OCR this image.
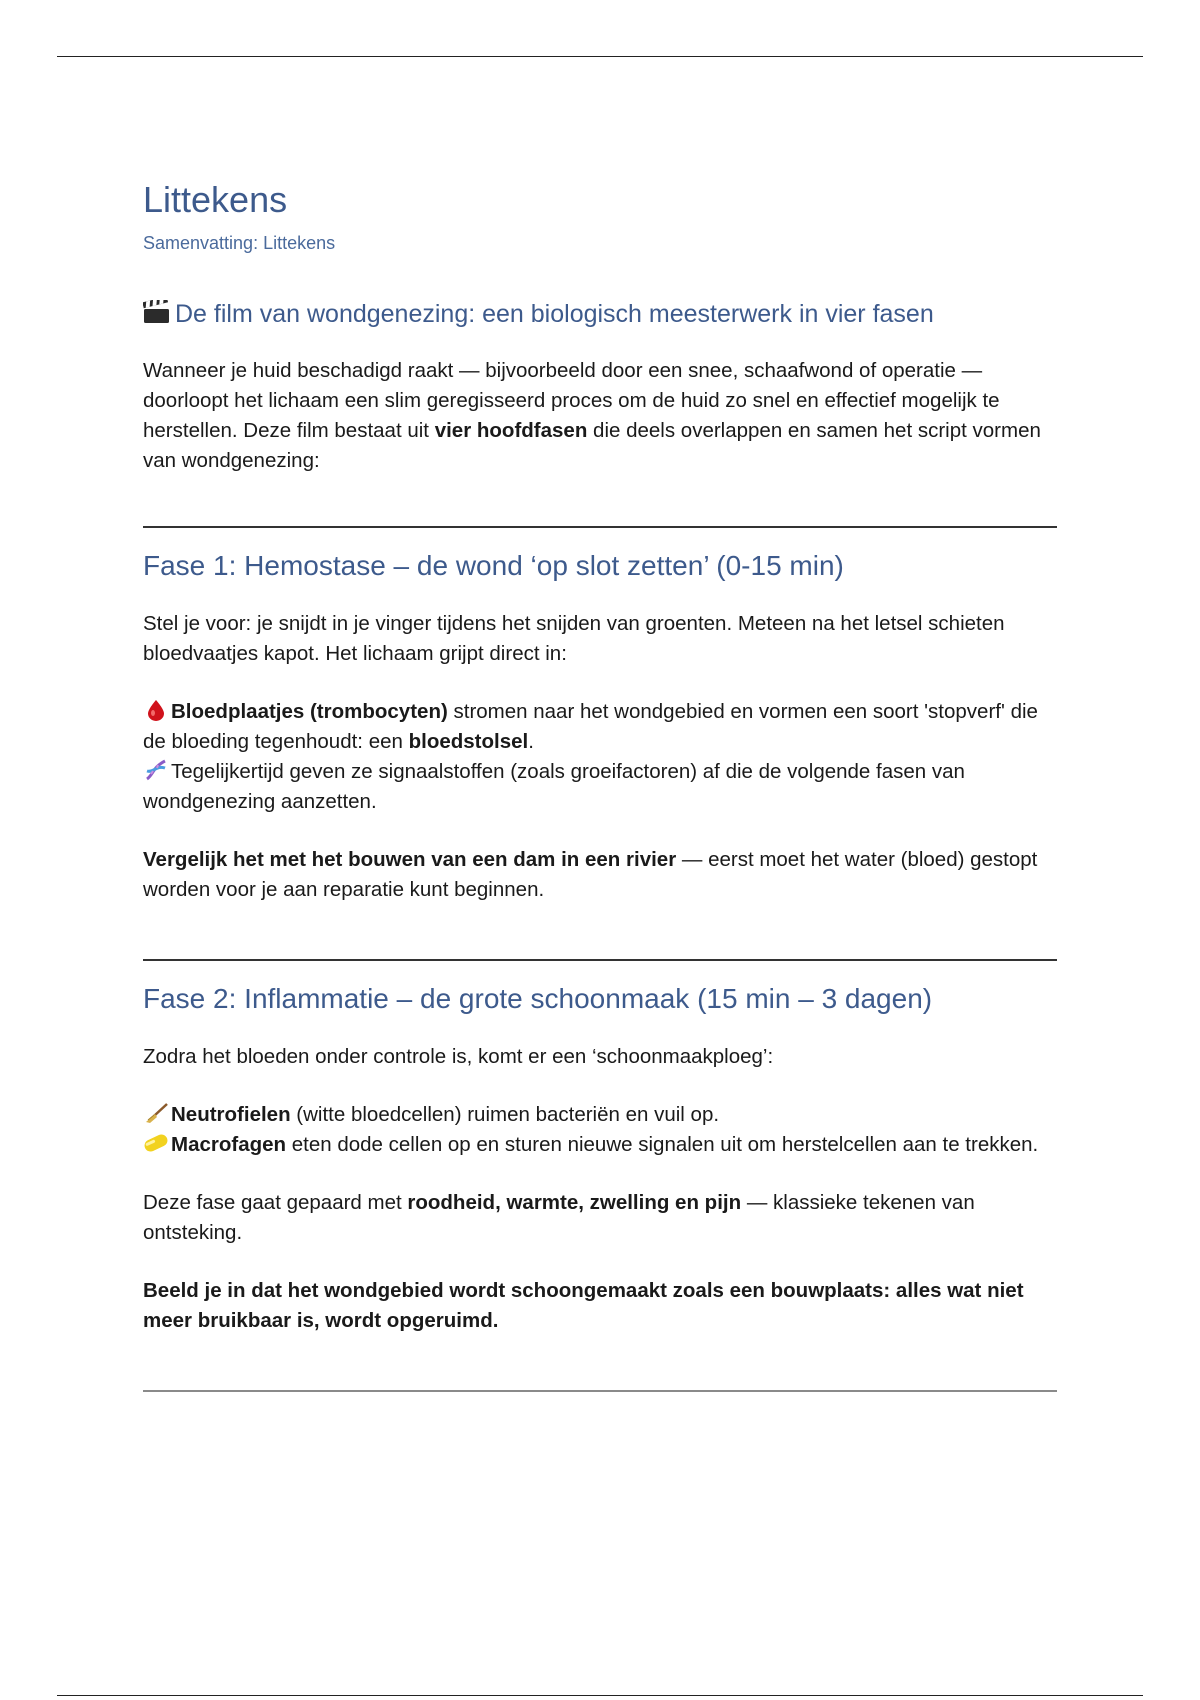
Littekens
Samenvatting: Littekens
De film van wondgenezing: een biologisch meesterwerk in vier fasen

Wanneer je huid beschadigd raakt — bijvoorbeeld door een snee, schaafwond of operatie — doorloopt het lichaam een slim geregisseerd proces om de huid zo snel en effectief mogelijk te herstellen. Deze film bestaat uit vier hoofdfasen die deels overlappen en samen het script vormen van wondgenezing:

Fase 1: Hemostase – de wond ‘op slot zetten’ (0-15 min)

Stel je voor: je snijdt in je vinger tijdens het snijden van groenten. Meteen na het letsel schieten bloedvaatjes kapot. Het lichaam grijpt direct in:

Bloedplaatjes (trombocyten) stromen naar het wondgebied en vormen een soort 'stopverf' die de bloeding tegenhoudt: een bloedstolsel.
Tegelijkertijd geven ze signaalstoffen (zoals groeifactoren) af die de volgende fasen van wondgenezing aanzetten.

Vergelijk het met het bouwen van een dam in een rivier — eerst moet het water (bloed) gestopt worden voor je aan reparatie kunt beginnen.

Fase 2: Inflammatie – de grote schoonmaak (15 min – 3 dagen)

Zodra het bloeden onder controle is, komt er een ‘schoonmaakploeg’:

Neutrofielen (witte bloedcellen) ruimen bacteriën en vuil op.
Macrofagen eten dode cellen op en sturen nieuwe signalen uit om herstelcellen aan te trekken.

Deze fase gaat gepaard met roodheid, warmte, zwelling en pijn — klassieke tekenen van ontsteking.

Beeld je in dat het wondgebied wordt schoongemaakt zoals een bouwplaats: alles wat niet meer bruikbaar is, wordt opgeruimd.
